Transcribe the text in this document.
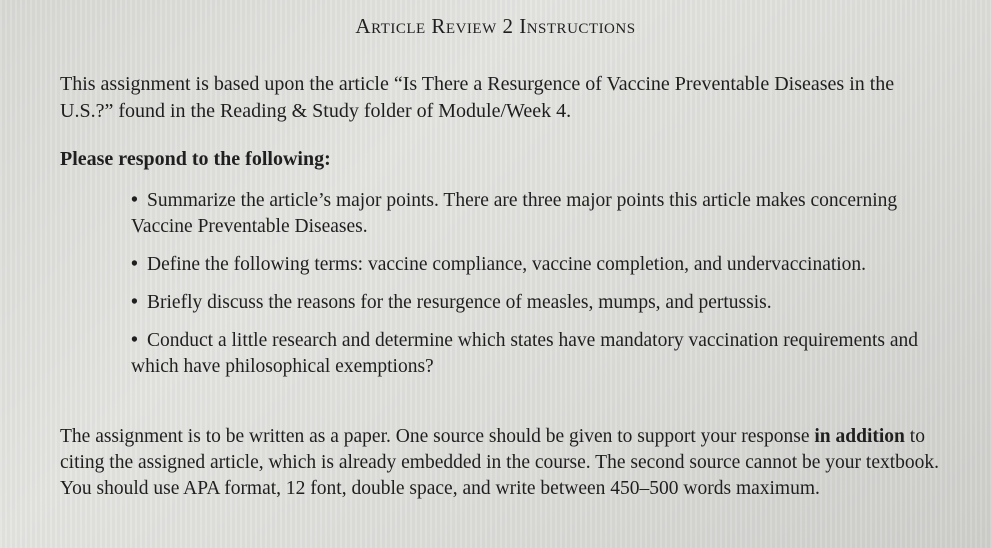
Article Review 2 Instructions
This assignment is based upon the article “Is There a Resurgence of Vaccine Preventable Diseases in the U.S.?” found in the Reading & Study folder of Module/Week 4.
Please respond to the following:
• Summarize the article’s major points. There are three major points this article makes concerning Vaccine Preventable Diseases.
• Define the following terms: vaccine compliance, vaccine completion, and undervaccination.
• Briefly discuss the reasons for the resurgence of measles, mumps, and pertussis.
• Conduct a little research and determine which states have mandatory vaccination requirements and which have philosophical exemptions?
The assignment is to be written as a paper. One source should be given to support your response in addition to citing the assigned article, which is already embedded in the course. The second source cannot be your textbook. You should use APA format, 12 font, double space, and write between 450–500 words maximum.
